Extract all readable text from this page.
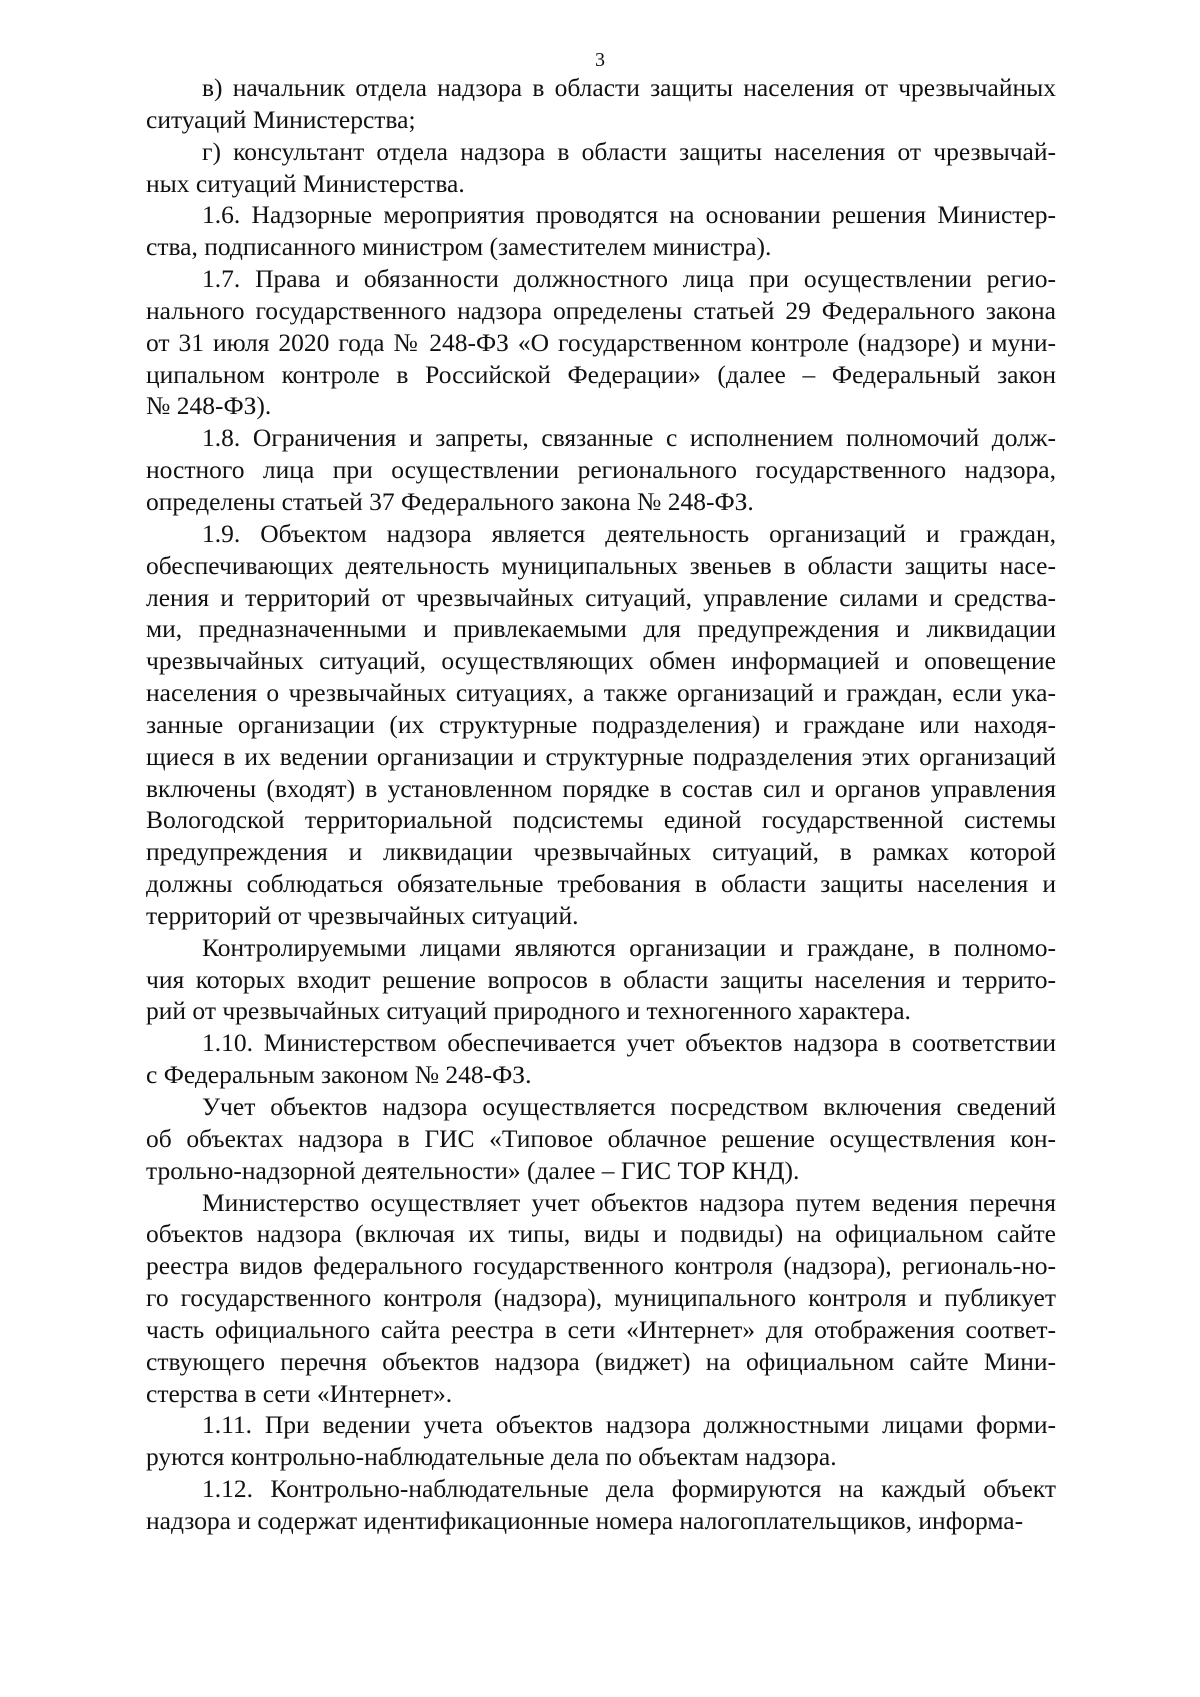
3
в) начальник отдела надзора в области защиты населения от чрезвычайных
ситуаций Министерства;
г) консультант отдела надзора в области защиты населения от чрезвычай-
ных ситуаций Министерства.
1.6. Надзорные мероприятия проводятся на основании решения Министер-
ства, подписанного министром (заместителем министра).
1.7. Права и обязанности должностного лица при осуществлении регио-
нального государственного надзора определены статьей 29 Федерального закона
от 31 июля 2020 года № 248-ФЗ «О государственном контроле (надзоре) и муни-
ципальном контроле в Российской Федерации» (далее – Федеральный закон
№ 248-ФЗ).
1.8. Ограничения и запреты, связанные с исполнением полномочий долж-
ностного лица при осуществлении регионального государственного надзора,
определены статьей 37 Федерального закона № 248-ФЗ.
1.9. Объектом надзора является деятельность организаций и граждан,
обеспечивающих деятельность муниципальных звеньев в области защиты насе-
ления и территорий от чрезвычайных ситуаций, управление силами и средства-
ми, предназначенными и привлекаемыми для предупреждения и ликвидации
чрезвычайных ситуаций, осуществляющих обмен информацией и оповещение
населения о чрезвычайных ситуациях, а также организаций и граждан, если ука-
занные организации (их структурные подразделения) и граждане или находя-
щиеся в их ведении организации и структурные подразделения этих организаций
включены (входят) в установленном порядке в состав сил и органов управления
Вологодской территориальной подсистемы единой государственной системы
предупреждения и ликвидации чрезвычайных ситуаций, в рамках которой
должны соблюдаться обязательные требования в области защиты населения и
территорий от чрезвычайных ситуаций.
Контролируемыми лицами являются организации и граждане, в полномо-
чия которых входит решение вопросов в области защиты населения и террито-
рий от чрезвычайных ситуаций природного и техногенного характера.
1.10. Министерством обеспечивается учет объектов надзора в соответствии
с Федеральным законом № 248-ФЗ.
Учет объектов надзора осуществляется посредством включения сведений
об объектах надзора в ГИС «Типовое облачное решение осуществления кон-
трольно-надзорной деятельности» (далее – ГИС ТОР КНД).
Министерство осуществляет учет объектов надзора путем ведения перечня
объектов надзора (включая их типы, виды и подвиды) на официальном сайте
реестра видов федерального государственного контроля (надзора), региональ-но-
го государственного контроля (надзора), муниципального контроля и публикует
часть официального сайта реестра в сети «Интернет» для отображения соответ-
ствующего перечня объектов надзора (виджет) на официальном сайте Мини-
стерства в сети «Интернет».
1.11. При ведении учета объектов надзора должностными лицами форми-
руются контрольно-наблюдательные дела по объектам надзора.
1.12. Контрольно-наблюдательные дела формируются на каждый объект
надзора и содержат идентификационные номера налогоплательщиков, информа-
